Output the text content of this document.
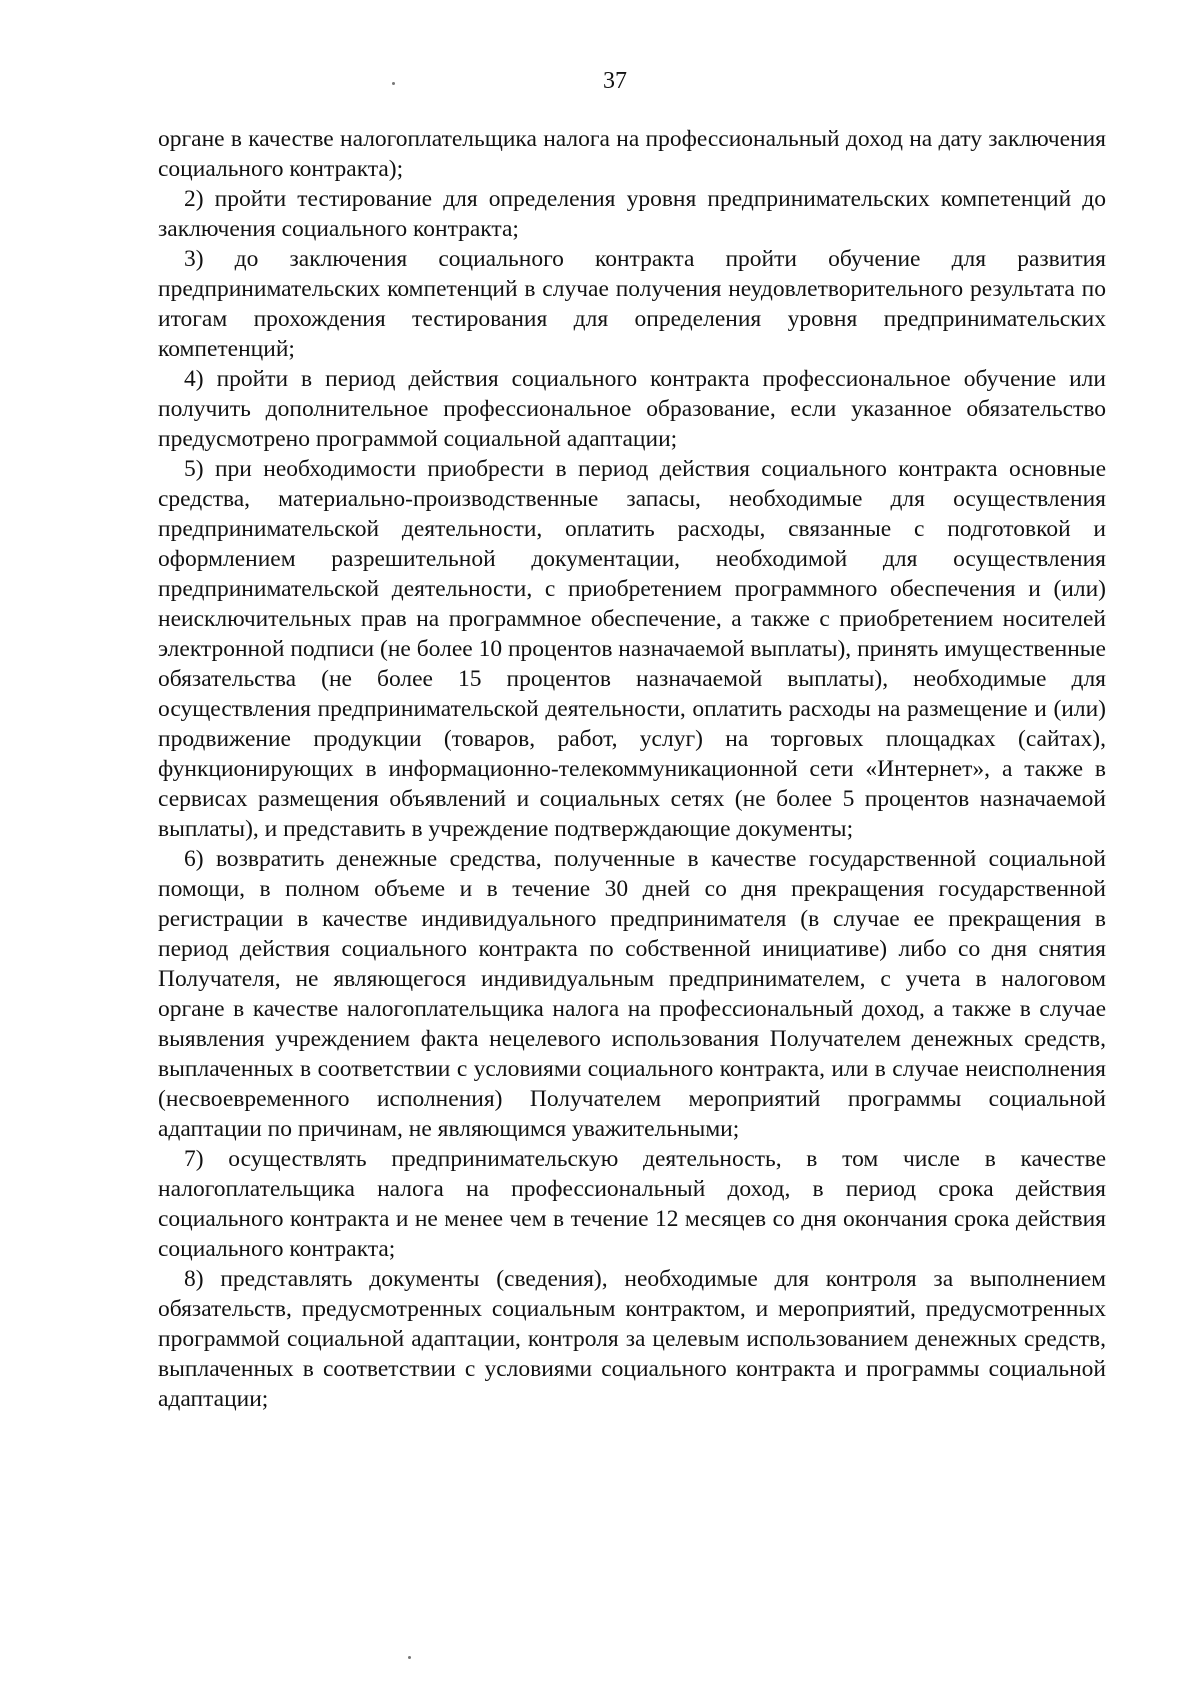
37

органе в качестве налогоплательщика налога на профессиональный доход на дату заключения социального контракта);

2) пройти тестирование для определения уровня предпринимательских компетенций до заключения социального контракта;

3) до заключения социального контракта пройти обучение для развития предпринимательских компетенций в случае получения неудовлетворительного результата по итогам прохождения тестирования для определения уровня предпринимательских компетенций;

4) пройти в период действия социального контракта профессиональное обучение или получить дополнительное профессиональное образование, если указанное обязательство предусмотрено программой социальной адаптации;

5) при необходимости приобрести в период действия социального контракта основные средства, материально-производственные запасы, необходимые для осуществления предпринимательской деятельности, оплатить расходы, связанные с подготовкой и оформлением разрешительной документации, необходимой для осуществления предпринимательской деятельности, с приобретением программного обеспечения и (или) неисключительных прав на программное обеспечение, а также с приобретением носителей электронной подписи (не более 10 процентов назначаемой выплаты), принять имущественные обязательства (не более 15 процентов назначаемой выплаты), необходимые для осуществления предпринимательской деятельности, оплатить расходы на размещение и (или) продвижение продукции (товаров, работ, услуг) на торговых площадках (сайтах), функционирующих в информационно-телекоммуникационной сети «Интернет», а также в сервисах размещения объявлений и социальных сетях (не более 5 процентов назначаемой выплаты), и представить в учреждение подтверждающие документы;

6) возвратить денежные средства, полученные в качестве государственной социальной помощи, в полном объеме и в течение 30 дней со дня прекращения государственной регистрации в качестве индивидуального предпринимателя (в случае ее прекращения в период действия социального контракта по собственной инициативе) либо со дня снятия Получателя, не являющегося индивидуальным предпринимателем, с учета в налоговом органе в качестве налогоплательщика налога на профессиональный доход, а также в случае выявления учреждением факта нецелевого использования Получателем денежных средств, выплаченных в соответствии с условиями социального контракта, или в случае неисполнения (несвоевременного исполнения) Получателем мероприятий программы социальной адаптации по причинам, не являющимся уважительными;

7) осуществлять предпринимательскую деятельность, в том числе в качестве налогоплательщика налога на профессиональный доход, в период срока действия социального контракта и не менее чем в течение 12 месяцев со дня окончания срока действия социального контракта;

8) представлять документы (сведения), необходимые для контроля за выполнением обязательств, предусмотренных социальным контрактом, и мероприятий, предусмотренных программой социальной адаптации, контроля за целевым использованием денежных средств, выплаченных в соответствии с условиями социального контракта и программы социальной адаптации;
